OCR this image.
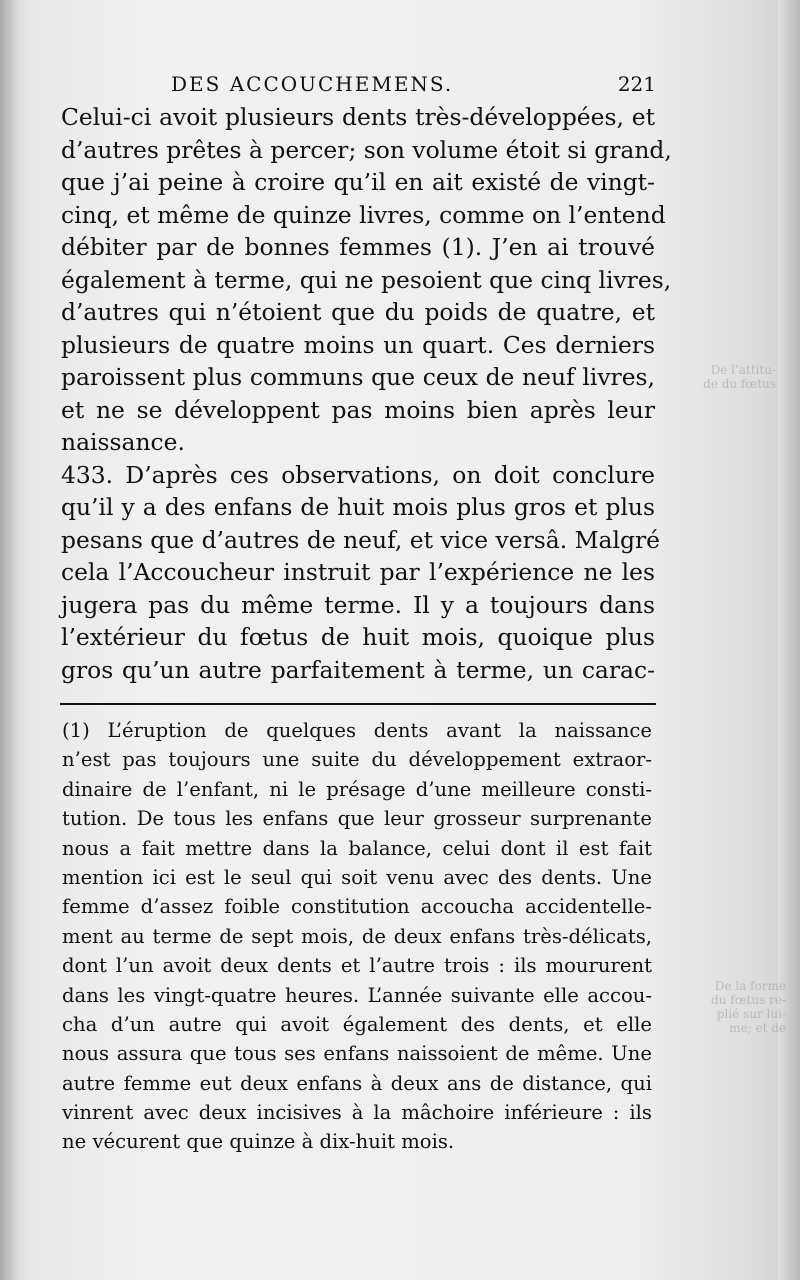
DES ACCOUCHEMENS.	221
Celui-ci avoit plusieurs dents très-développées, et
d’autres prêtes à percer; son volume étoit si grand,
que j’ai peine à croire qu’il en ait existé de vingt-
cinq, et même de quinze livres, comme on l’entend
débiter par de bonnes femmes (1). J’en ai trouvé
également à terme, qui ne pesoient que cinq livres,
d’autres qui n’étoient que du poids de quatre, et
plusieurs de quatre moins un quart. Ces derniers
paroissent plus communs que ceux de neuf livres,
et ne se développent pas moins bien après leur
naissance.
433. D’après ces observations, on doit conclure
qu’il y a des enfans de huit mois plus gros et plus
pesans que d’autres de neuf, et vice versâ. Malgré
cela l’Accoucheur instruit par l’expérience ne les
jugera pas du même terme. Il y a toujours dans
l’extérieur du fœtus de huit mois, quoique plus
gros qu’un autre parfaitement à terme, un carac-
(1) L’éruption de quelques dents avant la naissance
n’est pas toujours une suite du développement extraor-
dinaire de l’enfant, ni le présage d’une meilleure consti-
tution. De tous les enfans que leur grosseur surprenante
nous a fait mettre dans la balance, celui dont il est fait
mention ici est le seul qui soit venu avec des dents. Une
femme d’assez foible constitution accoucha accidentelle-
ment au terme de sept mois, de deux enfans très-délicats,
dont l’un avoit deux dents et l’autre trois : ils moururent
dans les vingt-quatre heures. L’année suivante elle accou-
cha d’un autre qui avoit également des dents, et elle
nous assura que tous ses enfans naissoient de même. Une
autre femme eut deux enfans à deux ans de distance, qui
vinrent avec deux incisives à la mâchoire inférieure : ils
ne vécurent que quinze à dix-huit mois.
De l’attitu-
de du fœtus
De la forme
du fœtus re-
plié sur lui-
me; et de
